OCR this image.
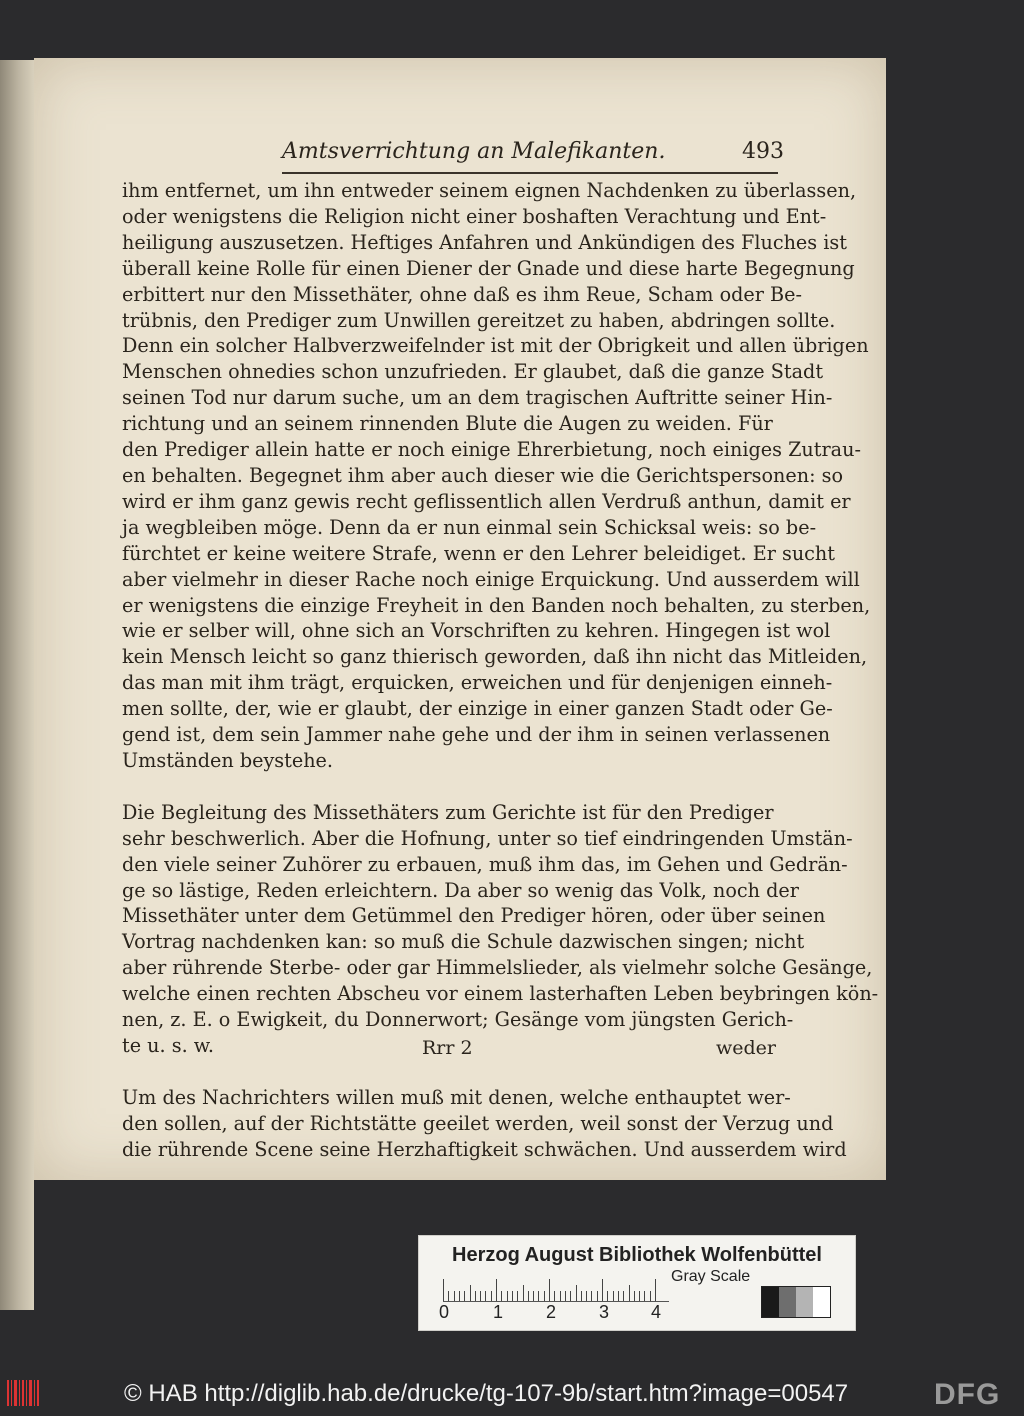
Amtsverrichtung an Malefikanten.	493
ihm entfernet, um ihn entweder seinem eignen Nachdenken zu überlassen,
oder wenigstens die Religion nicht einer boshaften Verachtung und Ent-
heiligung auszusetzen. Heftiges Anfahren und Ankündigen des Fluches ist
überall keine Rolle für einen Diener der Gnade und diese harte Begegnung
erbittert nur den Missethäter, ohne daß es ihm Reue, Scham oder Be-
trübnis, den Prediger zum Unwillen gereitzet zu haben, abdringen sollte.
Denn ein solcher Halbverzweifelnder ist mit der Obrigkeit und allen übrigen
Menschen ohnedies schon unzufrieden. Er glaubet, daß die ganze Stadt
seinen Tod nur darum suche, um an dem tragischen Auftritte seiner Hin-
richtung und an seinem rinnenden Blute die Augen zu weiden. Für
den Prediger allein hatte er noch einige Ehrerbietung, noch einiges Zutrau-
en behalten. Begegnet ihm aber auch dieser wie die Gerichtspersonen: so
wird er ihm ganz gewis recht geflissentlich allen Verdruß anthun, damit er
ja wegbleiben möge. Denn da er nun einmal sein Schicksal weis: so be-
fürchtet er keine weitere Strafe, wenn er den Lehrer beleidiget. Er sucht
aber vielmehr in dieser Rache noch einige Erquickung. Und ausserdem will
er wenigstens die einzige Freyheit in den Banden noch behalten, zu sterben,
wie er selber will, ohne sich an Vorschriften zu kehren. Hingegen ist wol
kein Mensch leicht so ganz thierisch geworden, daß ihn nicht das Mitleiden,
das man mit ihm trägt, erquicken, erweichen und für denjenigen einneh-
men sollte, der, wie er glaubt, der einzige in einer ganzen Stadt oder Ge-
gend ist, dem sein Jammer nahe gehe und der ihm in seinen verlassenen
Umständen beystehe.
Die Begleitung des Missethäters zum Gerichte ist für den Prediger
sehr beschwerlich. Aber die Hofnung, unter so tief eindringenden Umstän-
den viele seiner Zuhörer zu erbauen, muß ihm das, im Gehen und Gedrän-
ge so lästige, Reden erleichtern. Da aber so wenig das Volk, noch der
Missethäter unter dem Getümmel den Prediger hören, oder über seinen
Vortrag nachdenken kan: so muß die Schule dazwischen singen; nicht
aber rührende Sterbe- oder gar Himmelslieder, als vielmehr solche Gesänge,
welche einen rechten Abscheu vor einem lasterhaften Leben beybringen kön-
nen, z. E. o Ewigkeit, du Donnerwort; Gesänge vom jüngsten Gerich-
te u. s. w.
Um des Nachrichters willen muß mit denen, welche enthauptet wer-
den sollen, auf der Richtstätte geeilet werden, weil sonst der Verzug und
die rührende Scene seine Herzhaftigkeit schwächen. Und ausserdem wird
Rrr 2	weder
Herzog August Bibliothek Wolfenbüttel
0 1 2 3 4
Gray Scale
© HAB http://diglib.hab.de/drucke/tg-107-9b/start.htm?image=00547	DFG
